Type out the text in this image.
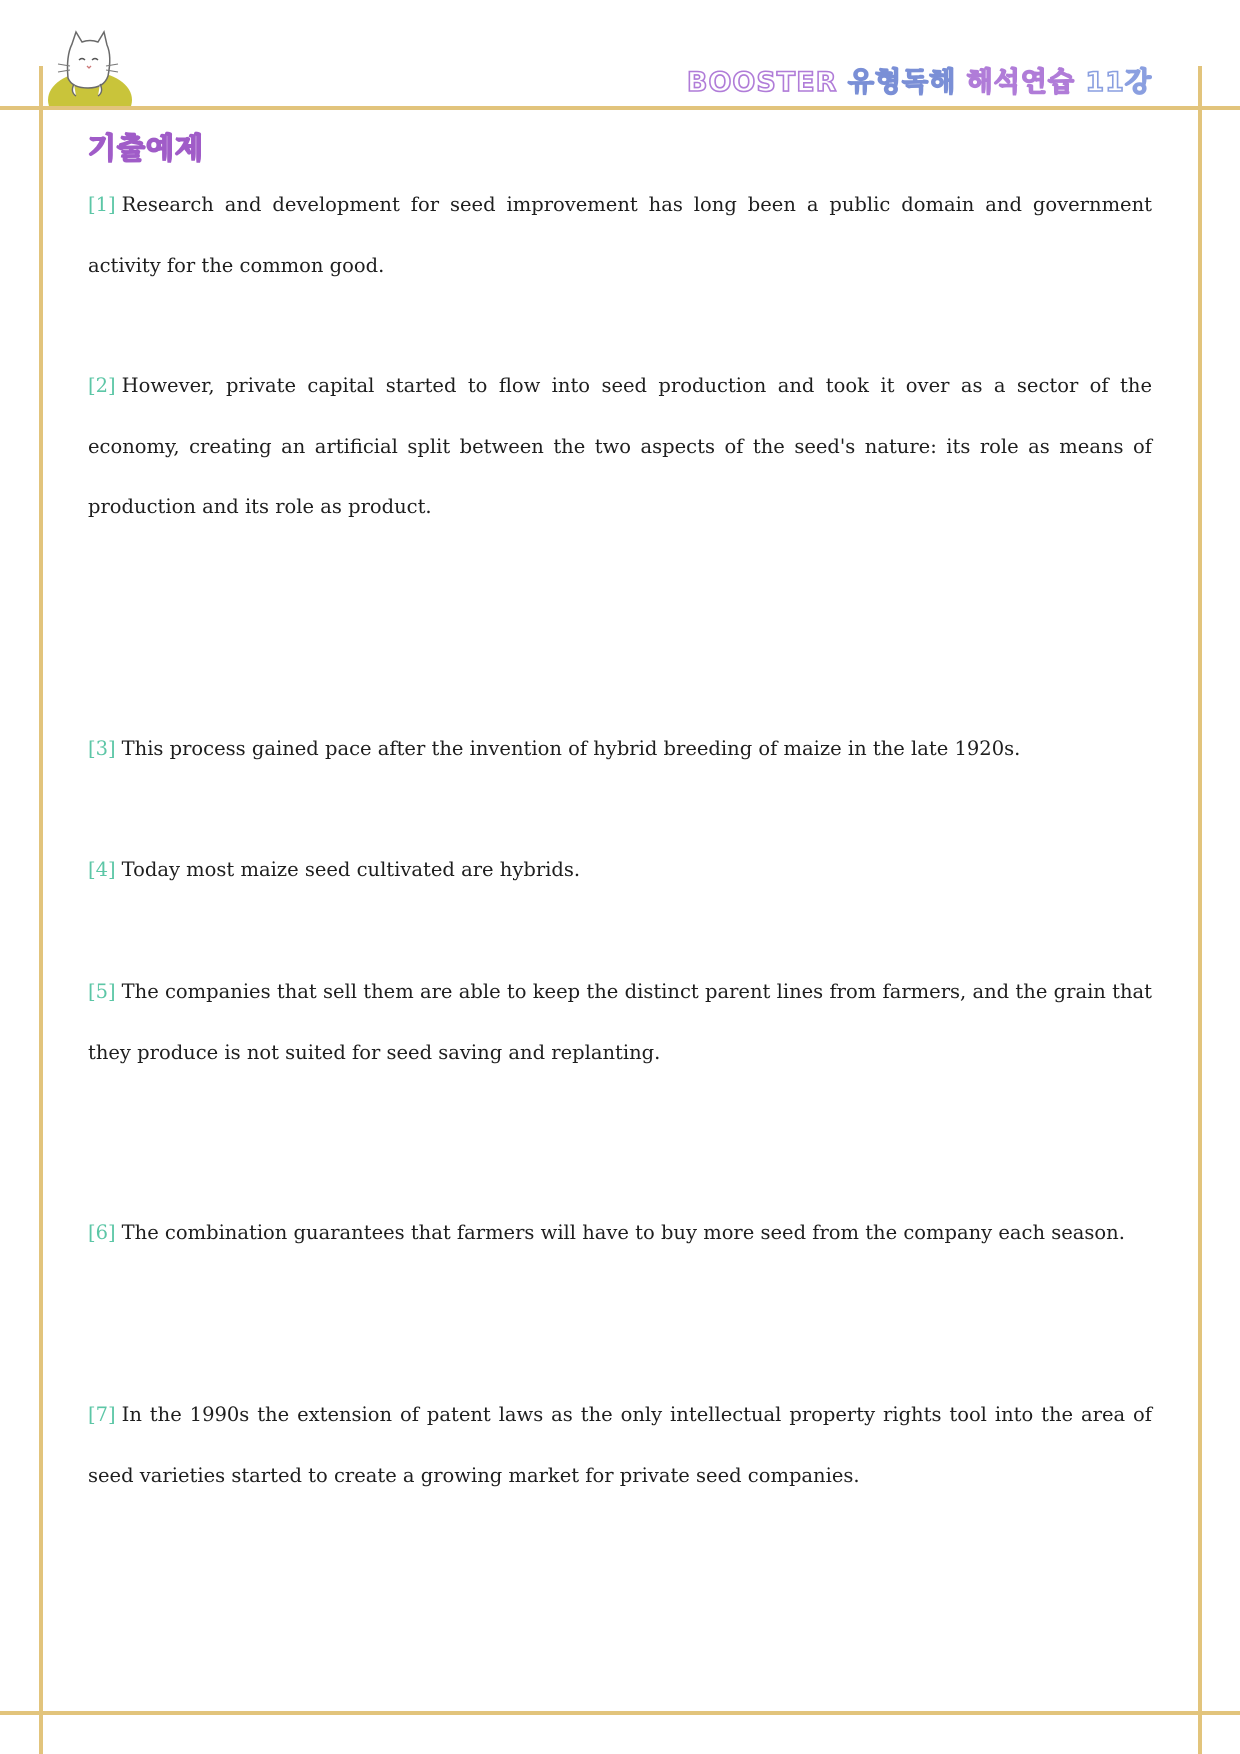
BOOSTER 유형독해 해석연습 11강
기출예제

[1] Research and development for seed improvement has long been a public domain and government activity for the common good.

[2] However, private capital started to flow into seed production and took it over as a sector of the economy, creating an artificial split between the two aspects of the seed's nature: its role as means of production and its role as product.

[3] This process gained pace after the invention of hybrid breeding of maize in the late 1920s.

[4] Today most maize seed cultivated are hybrids.

[5] The companies that sell them are able to keep the distinct parent lines from farmers, and the grain that they produce is not suited for seed saving and replanting.

[6] The combination guarantees that farmers will have to buy more seed from the company each season.

[7] In the 1990s the extension of patent laws as the only intellectual property rights tool into the area of seed varieties started to create a growing market for private seed companies.
